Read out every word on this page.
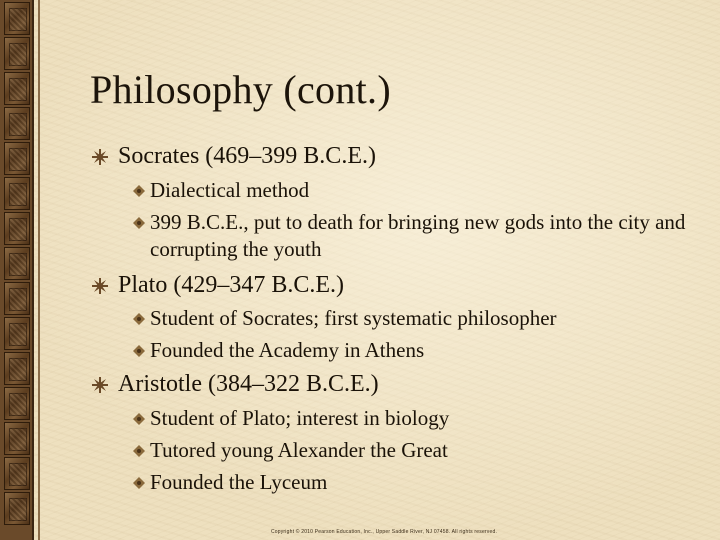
Philosophy (cont.)
Socrates (469–399 B.C.E.)
Dialectical method
399 B.C.E., put to death for bringing new gods into the city and corrupting the youth
Plato (429–347 B.C.E.)
Student of Socrates; first systematic philosopher
Founded the Academy in Athens
Aristotle (384–322 B.C.E.)
Student of Plato; interest in biology
Tutored young Alexander the Great
Founded the Lyceum
Copyright © 2010 Pearson Education, Inc., Upper Saddle River, NJ 07458. All rights reserved.
